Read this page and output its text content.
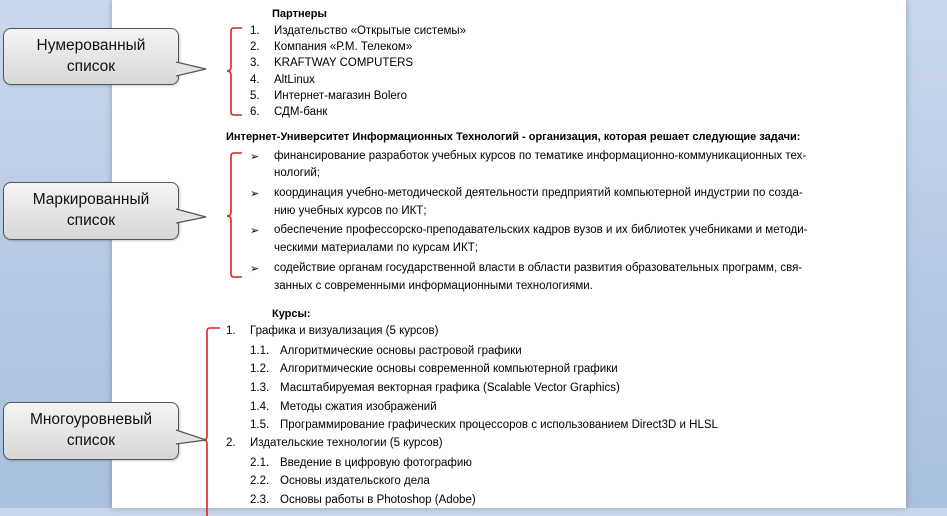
Партнеры
1. Издательство «Открытые системы»
2. Компания «Р.М. Телеком»
3. KRAFTWAY COMPUTERS
4. AltLinux
5. Интернет-магазин Bolero
6. СДМ-банк
Интернет-Университет Информационных Технологий - организация, которая решает следующие задачи:
➢ финансирование разработок учебных курсов по тематике информационно-коммуникационных тех-
нологий;
➢ координация учебно-методической деятельности предприятий компьютерной индустрии по созда-
нию учебных курсов по ИКТ;
➢ обеспечение профессорско-преподавательских кадров вузов и их библиотек учебниками и методи-
ческими материалами по курсам ИКТ;
➢ содействие органам государственной власти в области развития образовательных программ, свя-
занных с современными информационными технологиями.
Курсы:
1. Графика и визуализация (5 курсов)
1.1. Алгоритмические основы растровой графики
1.2. Алгоритмические основы современной компьютерной графики
1.3. Масштабируемая векторная графика (Scalable Vector Graphics)
1.4. Методы сжатия изображений
1.5. Программирование графических процессоров с использованием Direct3D и HLSL
2. Издательские технологии (5 курсов)
2.1. Введение в цифровую фотографию
2.2. Основы издательского дела
2.3. Основы работы в Photoshop (Adobe)
Нумерованный
список
Маркированный
список
Многоуровневый
список
